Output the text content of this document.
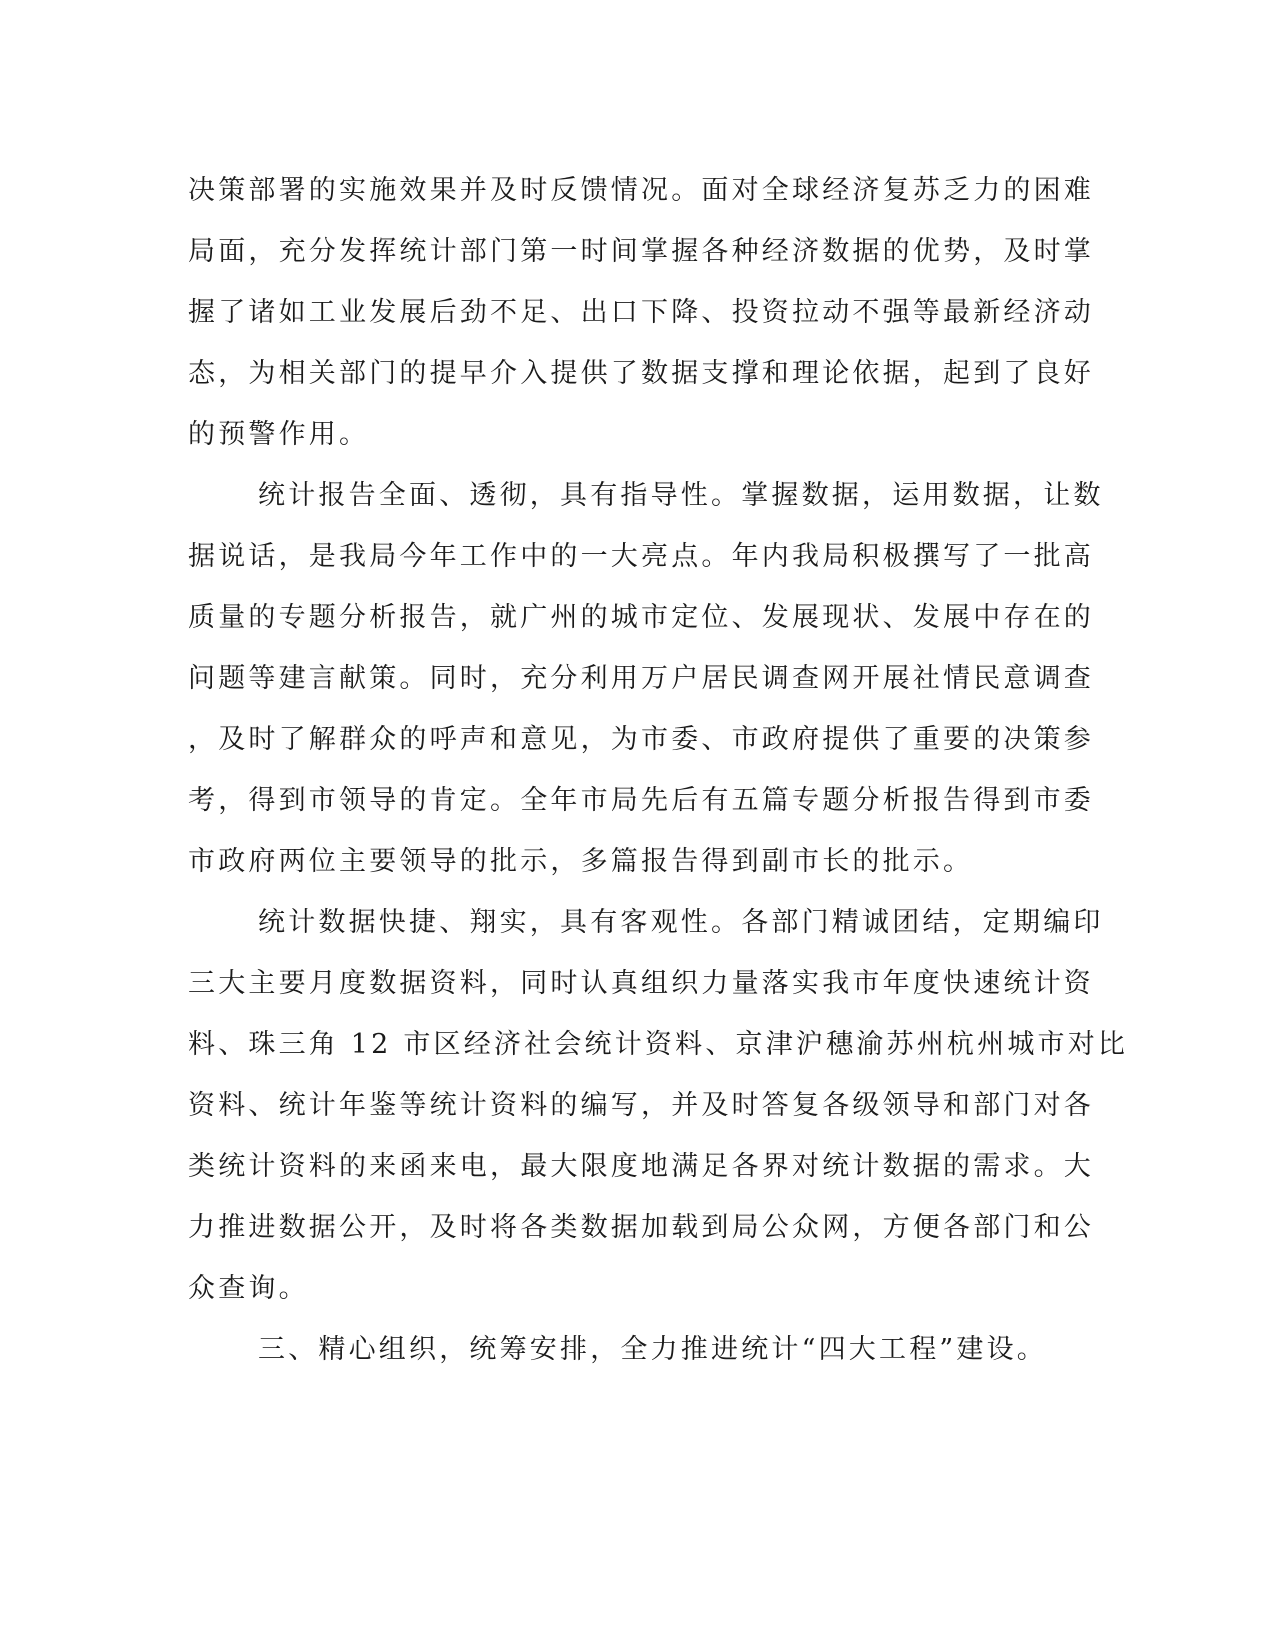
决策部署的实施效果并及时反馈情况。面对全球经济复苏乏力的困难
局面，充分发挥统计部门第一时间掌握各种经济数据的优势，及时掌
握了诸如工业发展后劲不足、出口下降、投资拉动不强等最新经济动
态，为相关部门的提早介入提供了数据支撑和理论依据，起到了良好
的预警作用。
统计报告全面、透彻，具有指导性。掌握数据，运用数据，让数
据说话，是我局今年工作中的一大亮点。年内我局积极撰写了一批高
质量的专题分析报告，就广州的城市定位、发展现状、发展中存在的
问题等建言献策。同时，充分利用万户居民调查网开展社情民意调查
，及时了解群众的呼声和意见，为市委、市政府提供了重要的决策参
考，得到市领导的肯定。全年市局先后有五篇专题分析报告得到市委
市政府两位主要领导的批示，多篇报告得到副市长的批示。
统计数据快捷、翔实，具有客观性。各部门精诚团结，定期编印
三大主要月度数据资料，同时认真组织力量落实我市年度快速统计资
料、珠三角 12 市区经济社会统计资料、京津沪穗渝苏州杭州城市对比
资料、统计年鉴等统计资料的编写，并及时答复各级领导和部门对各
类统计资料的来函来电，最大限度地满足各界对统计数据的需求。大
力推进数据公开，及时将各类数据加载到局公众网，方便各部门和公
众查询。
三、精心组织，统筹安排，全力推进统计“四大工程”建设。
